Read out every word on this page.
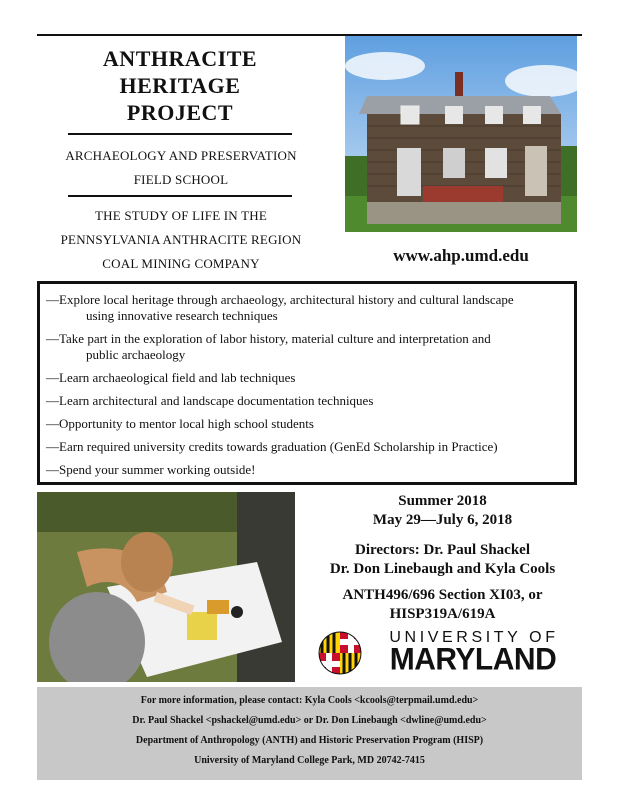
ANTHRACITE
HERITAGE
PROJECT
ARCHAEOLOGY AND PRESERVATION
FIELD SCHOOL
THE STUDY OF LIFE IN THE
PENNSYLVANIA ANTHRACITE REGION
COAL MINING COMPANY	www.ahp.umd.edu
—Explore local heritage through archaeology, architectural history and cultural landscape
using innovative research techniques
—Take part in the exploration of labor history, material culture and interpretation and
public archaeology
—Learn archaeological field and lab techniques
—Learn architectural and landscape documentation techniques
—Opportunity to mentor local high school students
—Earn required university credits towards graduation (GenEd Scholarship in Practice)
—Spend your summer working outside!
Summer 2018
May 29—July 6, 2018
Directors: Dr. Paul Shackel
Dr. Don Linebaugh and Kyla Cools
ANTH496/696 Section XI03, or
HISP319A/619A
UNIVERSITY OF
MARYLAND
For more information, please contact: Kyla Cools <kcools@terpmail.umd.edu>
Dr. Paul Shackel <pshackel@umd.edu> or Dr. Don Linebaugh <dwline@umd.edu>
Department of Anthropology (ANTH) and Historic Preservation Program (HISP)
University of Maryland College Park, MD 20742-7415
